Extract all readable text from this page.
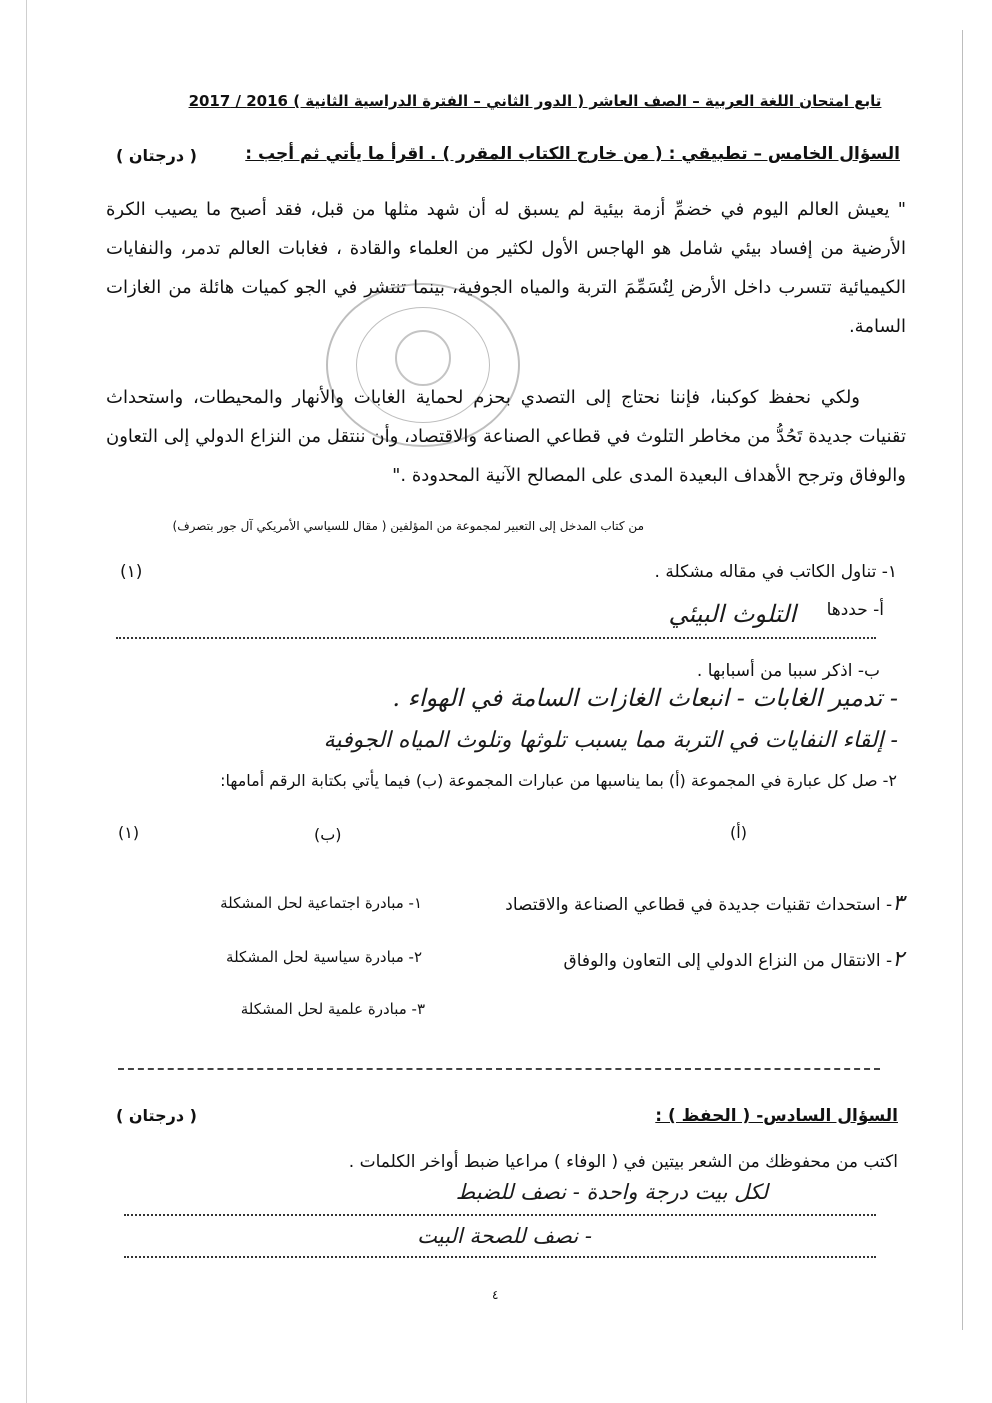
تابع امتحان اللغة العربية – الصف العاشر ( الدور الثاني – الفترة الدراسية الثانية ) 2016 / 2017
السؤال الخامس – تطبيقي : ( من خارج الكتاب المقرر ) . اقرأ ما يأتي ثم أجب :
( درجتان )
" يعيش العالم اليوم في خضمِّ أزمة بيئية لم يسبق له أن شهد مثلها من قبل، فقد أصبح ما يصيب الكرة الأرضية من إفساد بيئي شامل هو الهاجس الأول لكثير من العلماء والقادة ، فغابات العالم تدمر، والنفايات الكيميائية تتسرب داخل الأرض لِتُسَمِّمَ التربة والمياه الجوفية، بينما تنتشر في الجو كميات هائلة من الغازات السامة.
ولكي نحفظ كوكبنا، فإننا نحتاج إلى التصدي بحزم لحماية الغابات والأنهار والمحيطات، واستحداث تقنيات جديدة تَحُدُّ من مخاطر التلوث في قطاعي الصناعة والاقتصاد، وأن ننتقل من النزاع الدولي إلى التعاون والوفاق وترجح الأهداف البعيدة المدى على المصالح الآنية المحدودة ."
من كتاب المدخل إلى التعبير لمجموعة من المؤلفين ( مقال للسياسي الأمريكي آل جور بتصرف)
١- تناول الكاتب في مقاله مشكلة .
(١)
أ- حددها
التلوث البيئي
ب- اذكر سببا من أسبابها .
- تدمير الغابات - انبعاث الغازات السامة في الهواء .
- إلقاء النفايات في التربة مما يسبب تلوثها وتلوث المياه الجوفية
٢- صل كل عبارة في المجموعة (أ) بما يناسبها من عبارات المجموعة (ب) فيما يأتي بكتابة الرقم أمامها:
(أ)
(ب)
(١)
٣- استحداث تقنيات جديدة في قطاعي الصناعة والاقتصاد
٢- الانتقال من النزاع الدولي إلى التعاون والوفاق
١- مبادرة اجتماعية لحل المشكلة
٢- مبادرة سياسية لحل المشكلة
٣- مبادرة علمية لحل المشكلة
السؤال السادس- ( الحفظ ) :
( درجتان )
اكتب من محفوظك من الشعر بيتين في ( الوفاء ) مراعيا ضبط أواخر الكلمات .
لكل بيت درجة واحدة - نصف للضبط
- نصف للصحة البيت
٤
